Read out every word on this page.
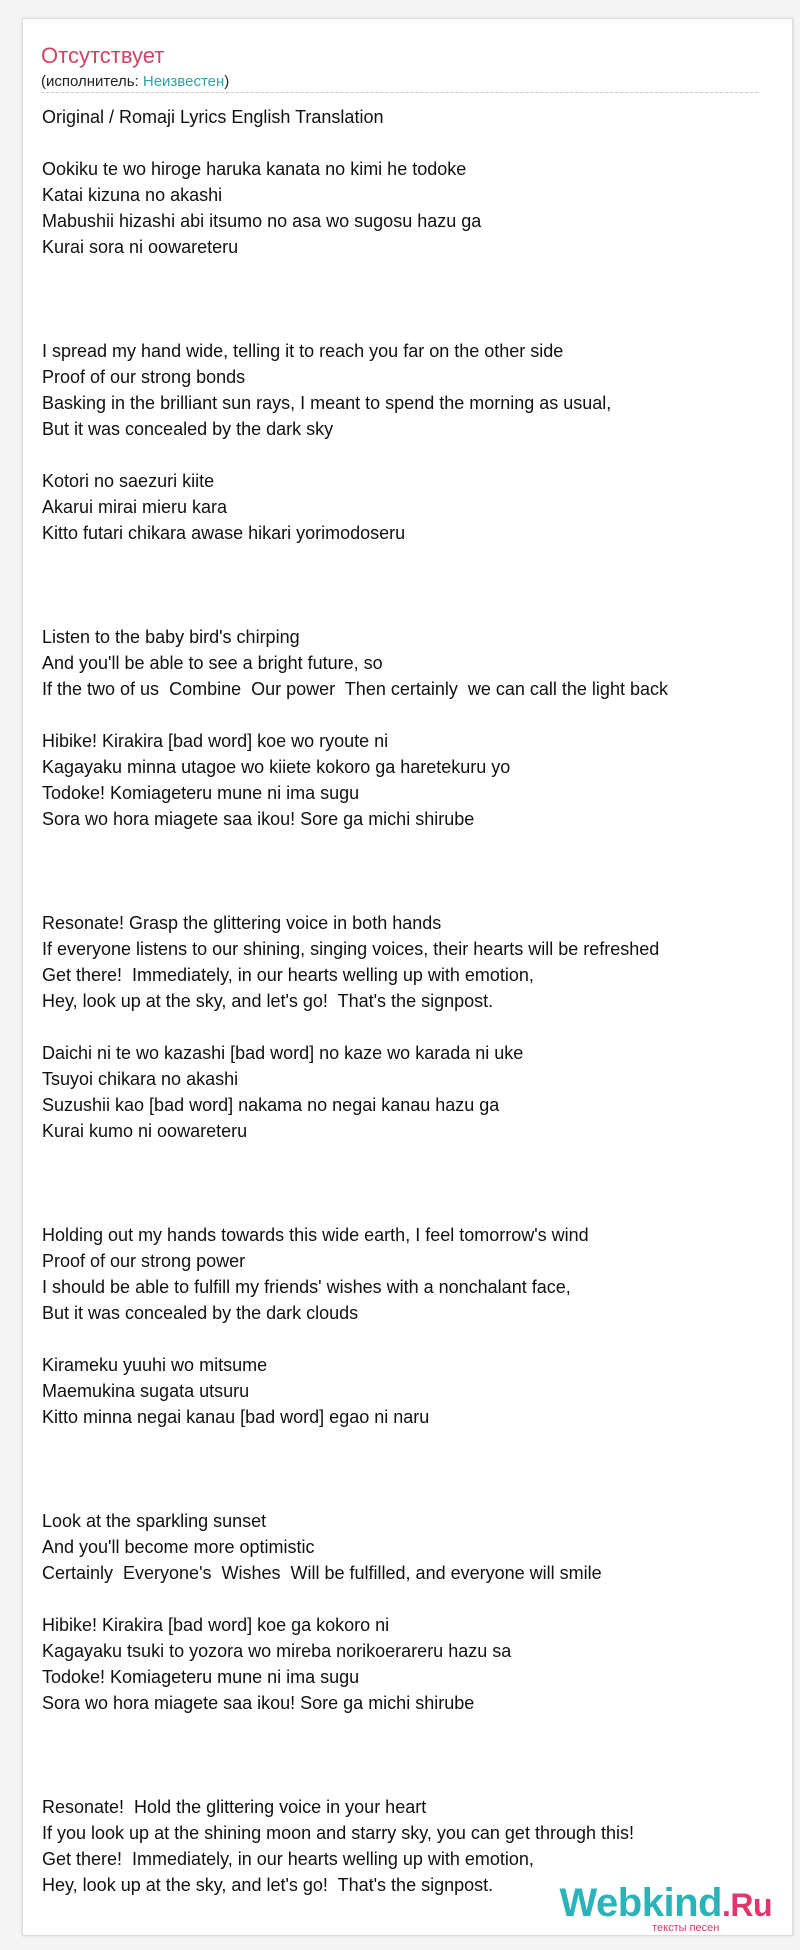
Отсутствует
(исполнитель: Неизвестен)
Original / Romaji Lyrics English Translation
Ookiku te wo hiroge haruka kanata no kimi he todoke
Katai kizuna no akashi
Mabushii hizashi abi itsumo no asa wo sugosu hazu ga
Kurai sora ni oowareteru
I spread my hand wide, telling it to reach you far on the other side
Proof of our strong bonds
Basking in the brilliant sun rays, I meant to spend the morning as usual,
But it was concealed by the dark sky
Kotori no saezuri kiite
Akarui mirai mieru kara
Kitto futari chikara awase hikari yorimodoseru
Listen to the baby bird's chirping
And you'll be able to see a bright future, so
If the two of us  Combine  Our power  Then certainly  we can call the light back
Hibike! Kirakira [bad word] koe wo ryoute ni
Kagayaku minna utagoe wo kiiete kokoro ga haretekuru yo
Todoke! Komiageteru mune ni ima sugu
Sora wo hora miagete saa ikou! Sore ga michi shirube
Resonate! Grasp the glittering voice in both hands
If everyone listens to our shining, singing voices, their hearts will be refreshed
Get there!  Immediately, in our hearts welling up with emotion,
Hey, look up at the sky, and let's go!  That's the signpost.
Daichi ni te wo kazashi [bad word] no kaze wo karada ni uke
Tsuyoi chikara no akashi
Suzushii kao [bad word] nakama no negai kanau hazu ga
Kurai kumo ni oowareteru
Holding out my hands towards this wide earth, I feel tomorrow's wind
Proof of our strong power
I should be able to fulfill my friends' wishes with a nonchalant face,
But it was concealed by the dark clouds
Kirameku yuuhi wo mitsume
Maemukina sugata utsuru
Kitto minna negai kanau [bad word] egao ni naru
Look at the sparkling sunset
And you'll become more optimistic
Certainly  Everyone's  Wishes  Will be fulfilled, and everyone will smile
Hibike! Kirakira [bad word] koe ga kokoro ni
Kagayaku tsuki to yozora wo mireba norikoerareru hazu sa
Todoke! Komiageteru mune ni ima sugu
Sora wo hora miagete saa ikou! Sore ga michi shirube
Resonate!  Hold the glittering voice in your heart
If you look up at the shining moon and starry sky, you can get through this!
Get there!  Immediately, in our hearts welling up with emotion,
Hey, look up at the sky, and let's go!  That's the signpost.	Webkind.Ru
тексты песен
